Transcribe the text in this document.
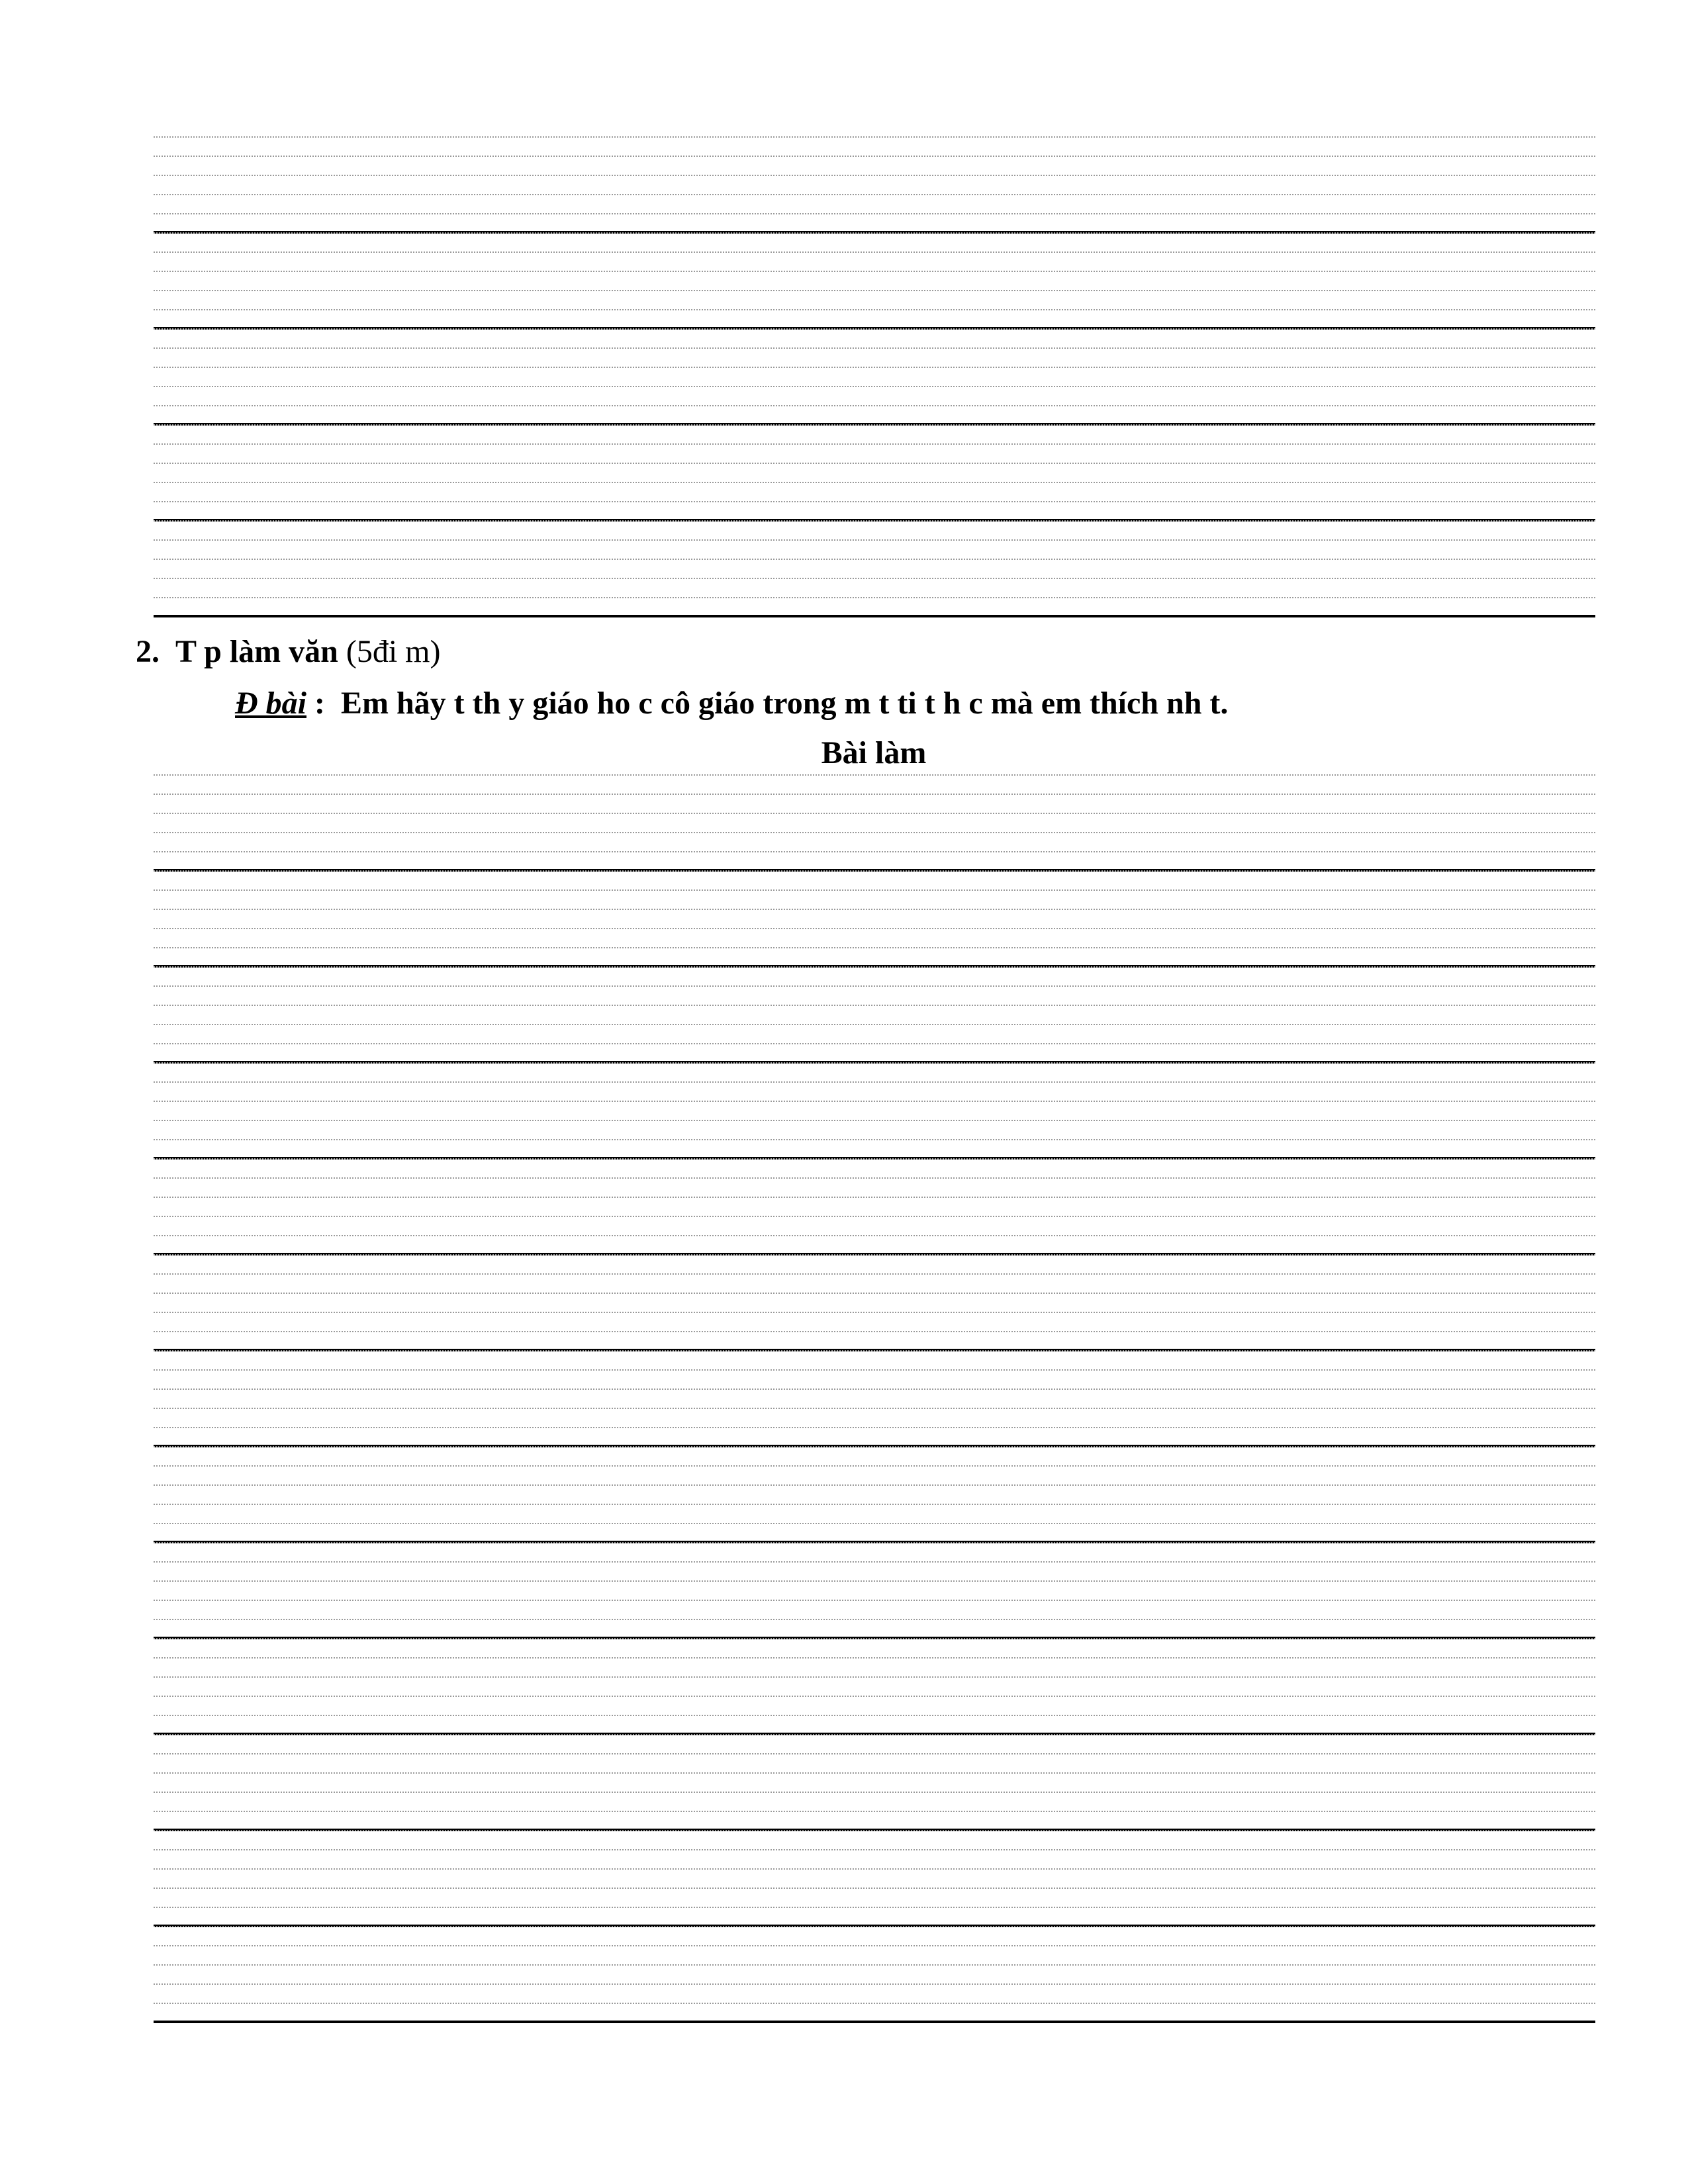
2. T p làm văn (5đi m)
Đ bài : Em hãy t th y giáo ho c cô giáo trong m t ti t h c mà em thích nh t.
Bài làm
